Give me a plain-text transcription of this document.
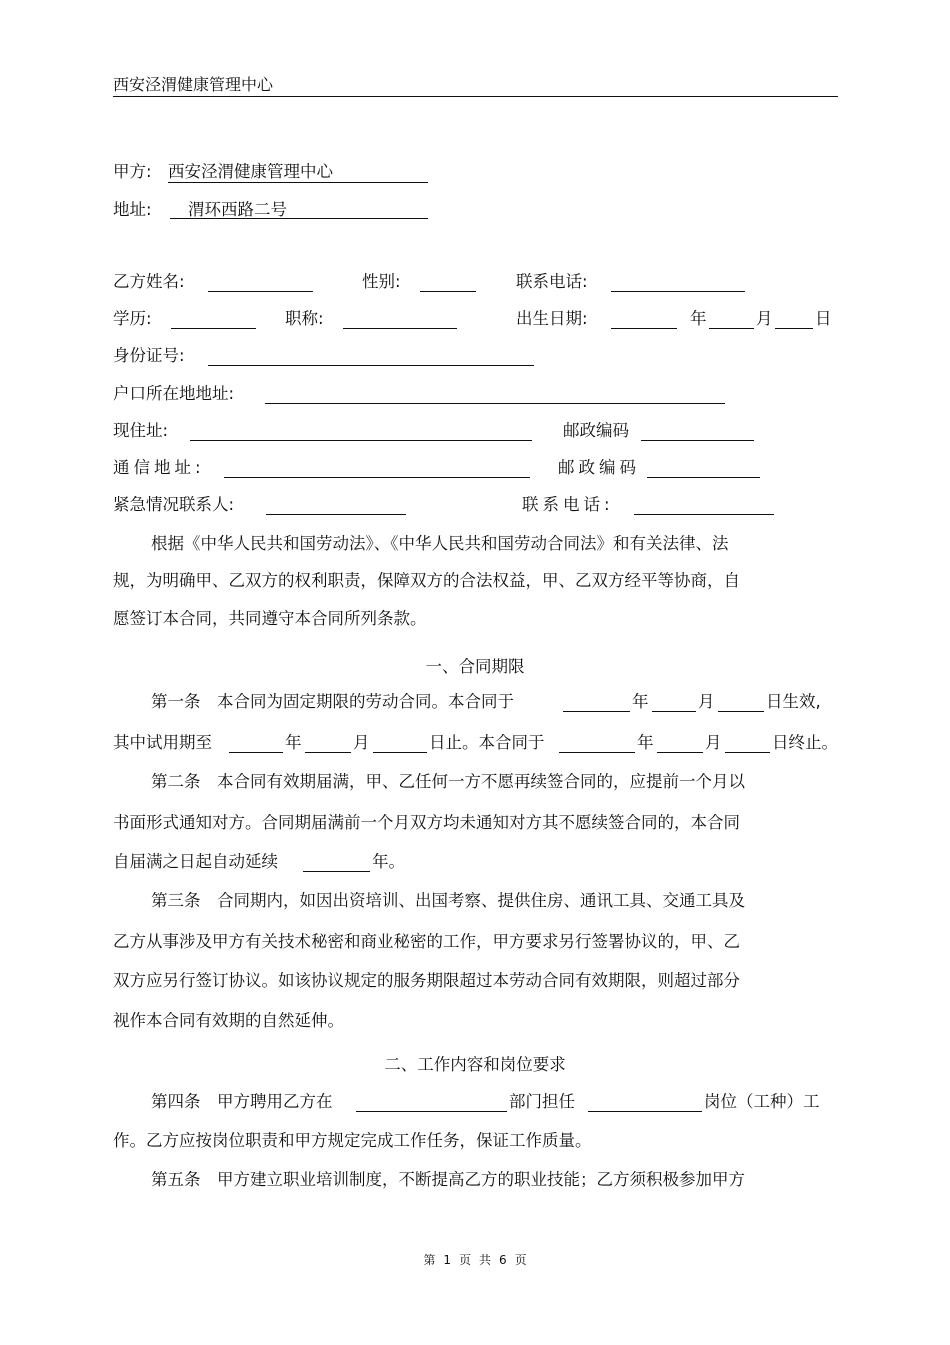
西安泾渭健康管理中心
甲方: 西安泾渭健康管理中心
地址: 渭环西路二号
乙方姓名:	性别:	联系电话:
学历:	职称:	出生日期:	年	月	日
身份证号:
户口所在地地址:
现住址:	邮政编码
通信地址:	邮政编码
紧急情况联系人:	联系电话:
根据《中华人民共和国劳动法》、《中华人民共和国劳动合同法》和有关法律、法
规，为明确甲、乙双方的权利职责，保障双方的合法权益，甲、乙双方经平等协商，自
愿签订本合同，共同遵守本合同所列条款。
一、合同期限
第一条　本合同为固定期限的劳动合同。本合同于	年	月	日生效,
其中试用期至	年	月	日止。本合同于	年	月	日终止。
第二条　本合同有效期届满，甲、乙任何一方不愿再续签合同的，应提前一个月以
书面形式通知对方。合同期届满前一个月双方均未通知对方其不愿续签合同的，本合同
自届满之日起自动延续	年。
第三条　合同期内，如因出资培训、出国考察、提供住房、通讯工具、交通工具及
乙方从事涉及甲方有关技术秘密和商业秘密的工作，甲方要求另行签署协议的，甲、乙
双方应另行签订协议。如该协议规定的服务期限超过本劳动合同有效期限，则超过部分
视作本合同有效期的自然延伸。
二、工作内容和岗位要求
第四条　甲方聘用乙方在	部门担任	岗位（工种）工
作。乙方应按岗位职责和甲方规定完成工作任务，保证工作质量。
第五条　甲方建立职业培训制度，不断提高乙方的职业技能；乙方须积极参加甲方
第 1 页 共 6 页
